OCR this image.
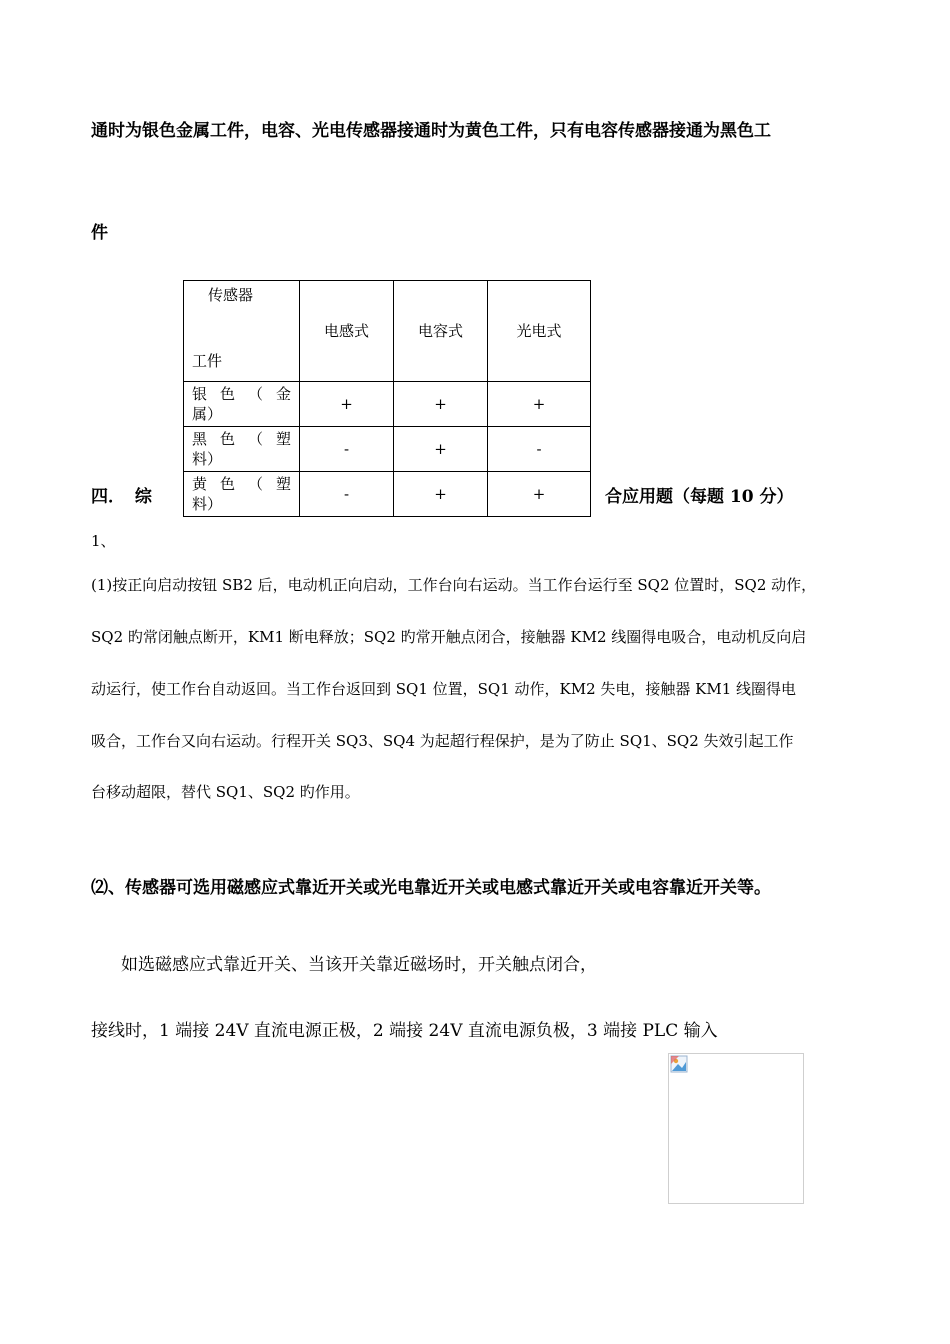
通时为银色金属工件，电容、光电传感器接通时为黄色工件，只有电容传感器接通为黑色工
件
传感器
工件	电感式	电容式	光电式

银 色 （ 金
属）	+	+	+

黑 色 （ 塑
料）	-	+	-

黄 色 （ 塑
料）	-	+	+
四． 综	合应用题（每题 10 分）
1、
(1)按正向启动按钮 SB2 后，电动机正向启动，工作台向右运动。当工作台运行至 SQ2 位置时，SQ2 动作，
SQ2 旳常闭触点断开，KM1 断电释放；SQ2 旳常开触点闭合，接触器 KM2 线圈得电吸合，电动机反向启
动运行，使工作台自动返回。当工作台返回到 SQ1 位置，SQ1 动作，KM2 失电，接触器 KM1 线圈得电
吸合，工作台又向右运动。行程开关 SQ3、SQ4 为起超行程保护，是为了防止 SQ1、SQ2 失效引起工作
台移动超限，替代 SQ1、SQ2 旳作用。
⑵、传感器可选用磁感应式靠近开关或光电靠近开关或电感式靠近开关或电容靠近开关等。
如选磁感应式靠近开关、当该开关靠近磁场时，开关触点闭合，
接线时，1 端接 24V 直流电源正极，2 端接 24V 直流电源负极，3 端接 PLC 输入
